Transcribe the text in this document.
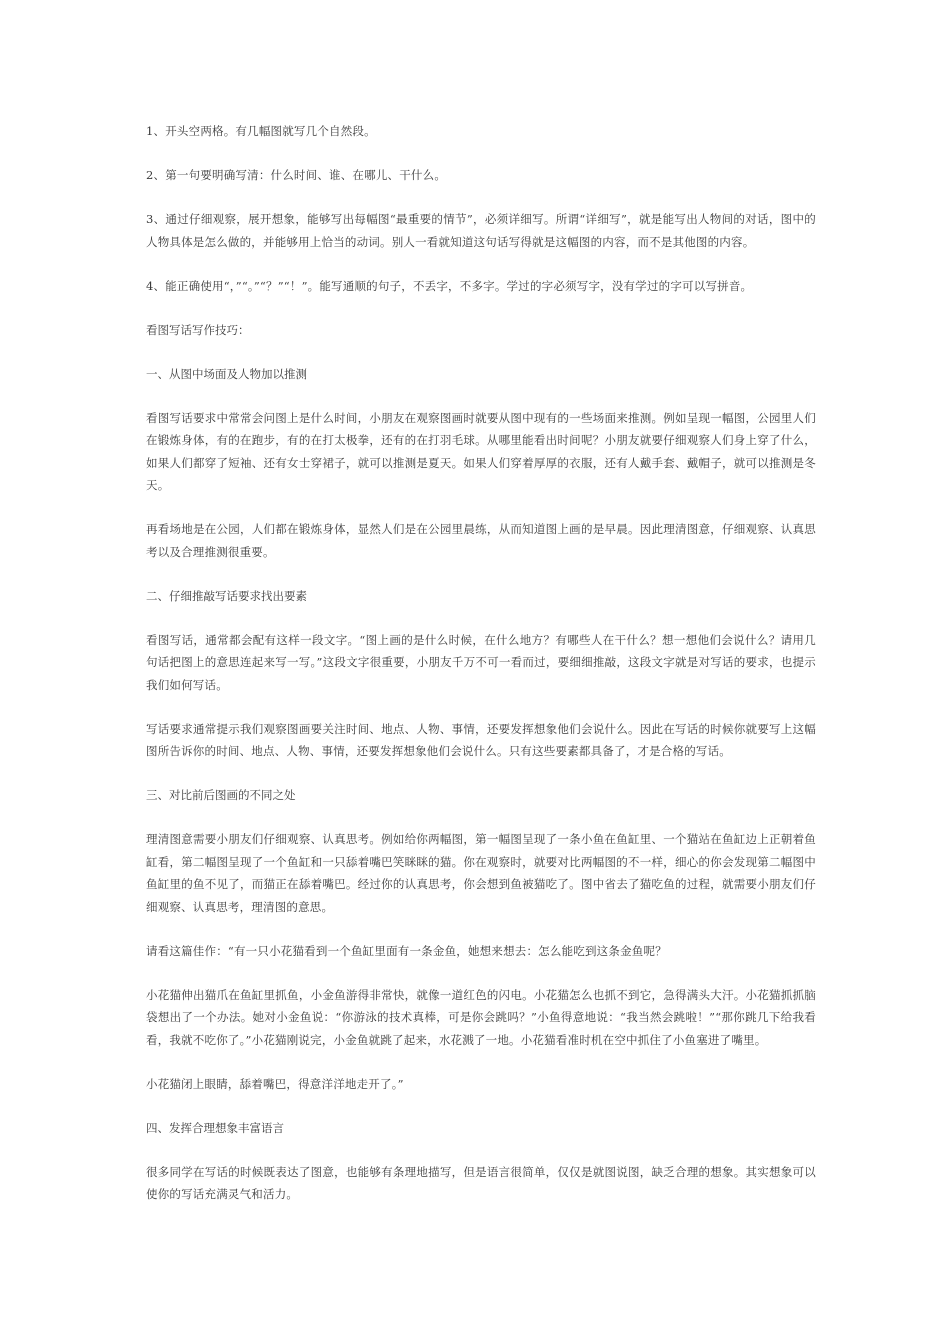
1、开头空两格。有几幅图就写几个自然段。

2、第一句要明确写清：什么时间、谁、在哪儿、干什么。

3、通过仔细观察，展开想象，能够写出每幅图“最重要的情节”，必须详细写。所谓“详细写”，就是能写出人物间的对话，图中的人物具体是怎么做的，并能够用上恰当的动词。别人一看就知道这句话写得就是这幅图的内容，而不是其他图的内容。

4、能正确使用“，”“。”“？”“！”。能写通顺的句子，不丢字，不多字。学过的字必须写字，没有学过的字可以写拼音。

看图写话写作技巧：

一、从图中场面及人物加以推测

看图写话要求中常常会问图上是什么时间，小朋友在观察图画时就要从图中现有的一些场面来推测。例如呈现一幅图，公园里人们在锻炼身体，有的在跑步，有的在打太极拳，还有的在打羽毛球。从哪里能看出时间呢？小朋友就要仔细观察人们身上穿了什么，如果人们都穿了短袖、还有女士穿裙子，就可以推测是夏天。如果人们穿着厚厚的衣服，还有人戴手套、戴帽子，就可以推测是冬天。

再看场地是在公园，人们都在锻炼身体，显然人们是在公园里晨练，从而知道图上画的是早晨。因此理清图意，仔细观察、认真思考以及合理推测很重要。

二、仔细推敲写话要求找出要素

看图写话，通常都会配有这样一段文字。“图上画的是什么时候，在什么地方？有哪些人在干什么？想一想他们会说什么？请用几句话把图上的意思连起来写一写。”这段文字很重要，小朋友千万不可一看而过，要细细推敲，这段文字就是对写话的要求，也提示我们如何写话。

写话要求通常提示我们观察图画要关注时间、地点、人物、事情，还要发挥想象他们会说什么。因此在写话的时候你就要写上这幅图所告诉你的时间、地点、人物、事情，还要发挥想象他们会说什么。只有这些要素都具备了，才是合格的写话。

三、对比前后图画的不同之处

理清图意需要小朋友们仔细观察、认真思考。例如给你两幅图，第一幅图呈现了一条小鱼在鱼缸里、一个猫站在鱼缸边上正朝着鱼缸看，第二幅图呈现了一个鱼缸和一只舔着嘴巴笑眯眯的猫。你在观察时，就要对比两幅图的不一样，细心的你会发现第二幅图中鱼缸里的鱼不见了，而猫正在舔着嘴巴。经过你的认真思考，你会想到鱼被猫吃了。图中省去了猫吃鱼的过程，就需要小朋友们仔细观察、认真思考，理清图的意思。

请看这篇佳作：“有一只小花猫看到一个鱼缸里面有一条金鱼，她想来想去：怎么能吃到这条金鱼呢？

小花猫伸出猫爪在鱼缸里抓鱼，小金鱼游得非常快，就像一道红色的闪电。小花猫怎么也抓不到它，急得满头大汗。小花猫抓抓脑袋想出了一个办法。她对小金鱼说：“你游泳的技术真棒，可是你会跳吗？”小鱼得意地说：“我当然会跳啦！”“那你跳几下给我看看，我就不吃你了。”小花猫刚说完，小金鱼就跳了起来，水花溅了一地。小花猫看准时机在空中抓住了小鱼塞进了嘴里。

小花猫闭上眼睛，舔着嘴巴，得意洋洋地走开了。”

四、发挥合理想象丰富语言

很多同学在写话的时候既表达了图意，也能够有条理地描写，但是语言很简单，仅仅是就图说图，缺乏合理的想象。其实想象可以使你的写话充满灵气和活力。
